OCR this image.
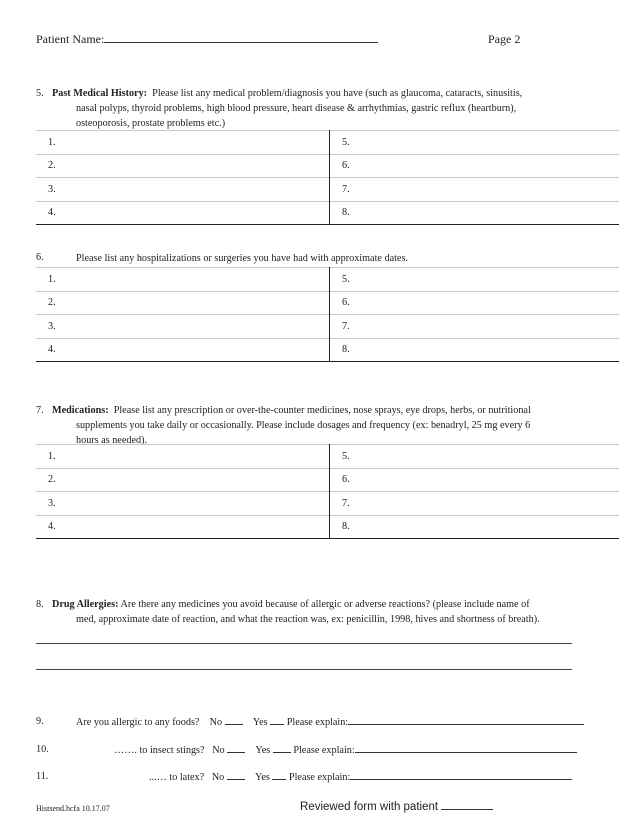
Patient Name:	Page 2
5. Past Medical History: Please list any medical problem/diagnosis you have (such as glaucoma, cataracts, sinusitis,
nasal polyps, thyroid problems, high blood pressure, heart disease & arrhythmias, gastric reflux (heartburn),
osteoporosis, prostate problems etc.)
1.	5.
2.	6.
3.	7.
4.	8.
6.	Please list any hospitalizations or surgeries you have had with approximate dates.
1.	5.
2.	6.
3.	7.
4.	8.
7. Medications: Please list any prescription or over-the-counter medicines, nose sprays, eye drops, herbs, or nutritional
supplements you take daily or occasionally. Please include dosages and frequency (ex: benadryl, 25 mg every 6
hours as needed).
1.	5.
2.	6.
3.	7.
4.	8.
8. Drug Allergies: Are there any medicines you avoid because of allergic or adverse reactions? (please include name of
med, approximate date of reaction, and what the reaction was, ex: penicillin, 1998, hives and shortness of breath).
9.	Are you allergic to any foods? No	Yes Please explain:
10.	……. to insect stings? No	Yes Please explain:
11.	...… to latex? No	Yes Please explain:
Histsend.hcfa 10.17.07	Reviewed form with patient
